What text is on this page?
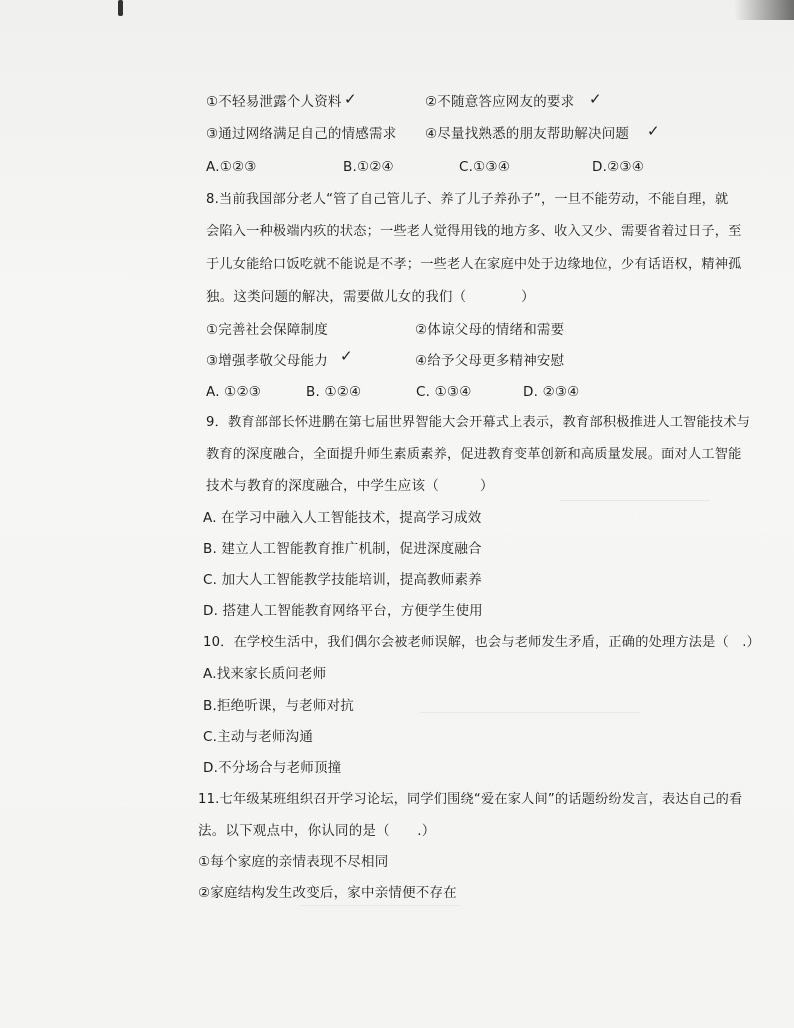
①不轻易泄露个人资料 ✓	②不随意答应网友的要求 ✓
③通过网络满足自己的情感需求 ④尽量找熟悉的朋友帮助解决问题 ✓
A.①②③	B.①②④	C.①③④	D.②③④
8.当前我国部分老人“管了自己管儿子、养了儿子养孙子”，一旦不能劳动，不能自理，就
会陷入一种极端内疚的状态；一些老人觉得用钱的地方多、收入又少、需要省着过日子，至
于儿女能给口饭吃就不能说是不孝；一些老人在家庭中处于边缘地位，少有话语权，精神孤
独。这类问题的解决，需要做儿女的我们（　　　　）
①完善社会保障制度	②体谅父母的情绪和需要
③增强孝敬父母能力 ✓	④给予父母更多精神安慰
A. ①②③	B. ①②④	C. ①③④	D. ②③④
9．教育部部长怀进鹏在第七届世界智能大会开幕式上表示，教育部积极推进人工智能技术与
教育的深度融合，全面提升师生素质素养，促进教育变革创新和高质量发展。面对人工智能
技术与教育的深度融合，中学生应该（　　　）
A. 在学习中融入人工智能技术，提高学习成效
B. 建立人工智能教育推广机制，促进深度融合
C. 加大人工智能教学技能培训，提高教师素养
D. 搭建人工智能教育网络平台，方便学生使用
10．在学校生活中，我们偶尔会被老师误解，也会与老师发生矛盾，正确的处理方法是（　.）
A.找来家长质问老师
B.拒绝听课，与老师对抗
C.主动与老师沟通
D.不分场合与老师顶撞
11.七年级某班组织召开学习论坛，同学们围绕“爱在家人间”的话题纷纷发言，表达自己的看
法。以下观点中，你认同的是（　　.）
①每个家庭的亲情表现不尽相同
②家庭结构发生改变后，家中亲情便不存在
